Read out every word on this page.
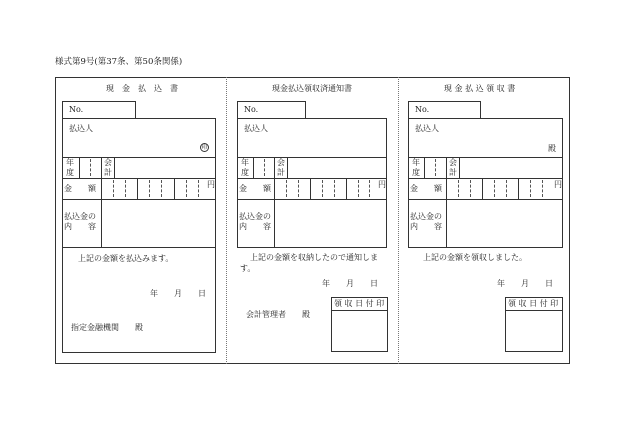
様式第9号(第37条、第50条関係)
現　金　払　込　書
No.
払込人
印
年
度
会
計
金　　額	円
払込金の
内　　容
上記の金額を払込みます。
年　　月　　日
指定金融機関　　殿
現金払込領収済通知書
No.
払込人
年
度
会
計
金　　額	円
払込金の
内　　容
上記の金額を収納したので通知しま
す。
年　　月　　日
領 収 日 付 印
会計管理者　　殿
現 金 払 込 領 収 書
No.
払込人
殿
年
度
会
計
金　　額	円
払込金の
内　　容
上記の金額を領収しました。
年　　月　　日
領 収 日 付 印
